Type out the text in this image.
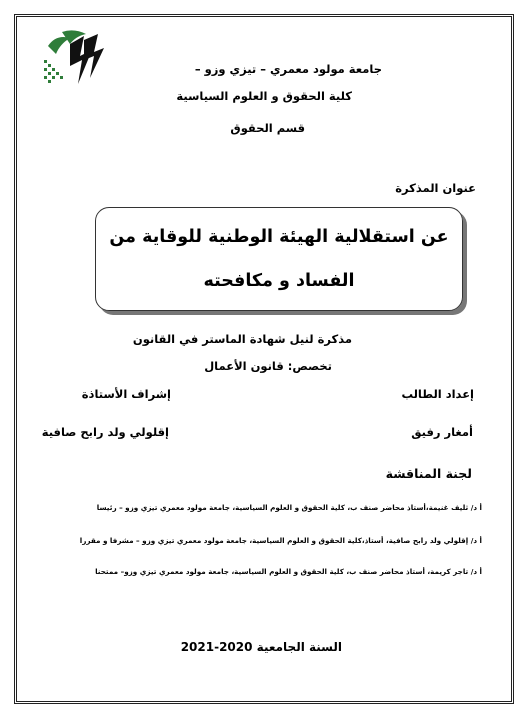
جامعة مولود معمري – تيزي وزو –
كلية الحقوق و العلوم السياسية
قسم الحقوق
عنوان المذكرة
عن استقلالية الهيئة الوطنية للوقاية من
الفساد و مكافحته
مذكرة لنيل شهادة الماستر في القانون
تخصص: قانون الأعمال
إعداد الطالب
إشراف الأستاذة
أمغار رفيق
إقلولي ولد رابح صافية
لجنة المناقشة
أ د/ ثليف غنيمة،أستاذ محاضر صنف ب، كلية الحقوق و العلوم السياسية، جامعة مولود معمري تيزي وزو – رئيسا
أ د/ إقلولي ولد رابح صافية، أستاذ،كلية الحقوق و العلوم السياسية، جامعة مولود معمري تيزي وزو – مشرفا و مقررا
أ د/ تاجر كريمة، أستاذ محاضر صنف ب، كلية الحقوق و العلوم السياسية، جامعة مولود معمري تيزي وزو– ممتحنا
السنة الجامعية 2020-2021
